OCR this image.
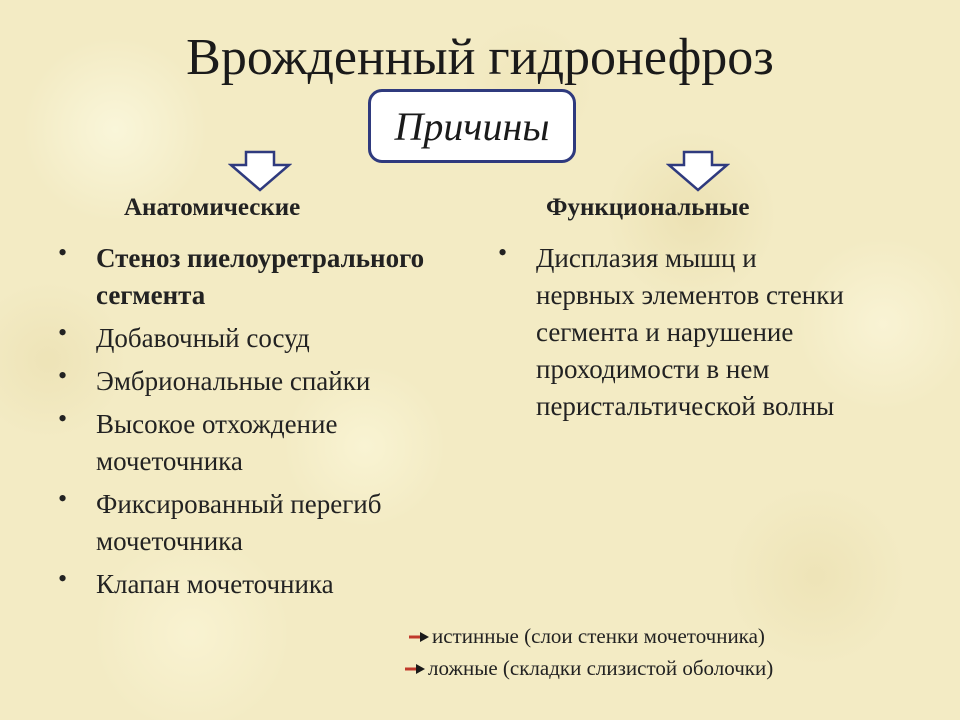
Врожденный гидронефроз
Причины
Анатомические	Функциональные
• Стеноз пиелоуретрального сегмента
• Добавочный сосуд
• Эмбриональные спайки
• Высокое отхождение мочеточника
• Фиксированный перегиб мочеточника
• Клапан мочеточника
истинные (слои стенки мочеточника)
ложные (складки слизистой оболочки)
• Дисплазия мышц и нервных элементов стенки сегмента и нарушение проходимости в нем перистальтической волны
